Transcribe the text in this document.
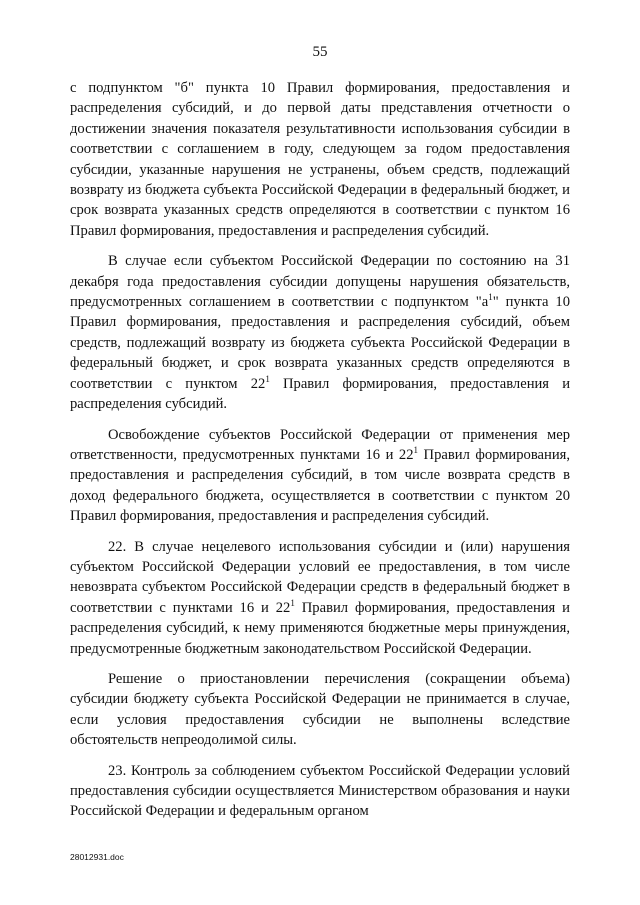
55

с подпунктом "б" пункта 10 Правил формирования, предоставления и распределения субсидий, и до первой даты представления отчетности о достижении значения показателя результативности использования субсидии в соответствии с соглашением в году, следующем за годом предоставления субсидии, указанные нарушения не устранены, объем средств, подлежащий возврату из бюджета субъекта Российской Федерации в федеральный бюджет, и срок возврата указанных средств определяются в соответствии с пунктом 16 Правил формирования, предоставления и распределения субсидий.

В случае если субъектом Российской Федерации по состоянию на 31 декабря года предоставления субсидии допущены нарушения обязательств, предусмотренных соглашением в соответствии с подпунктом "$а^1$" пункта 10 Правил формирования, предоставления и распределения субсидий, объем средств, подлежащий возврату из бюджета субъекта Российской Федерации в федеральный бюджет, и срок возврата указанных средств определяются в соответствии с пунктом $22^1$ Правил формирования, предоставления и распределения субсидий.

Освобождение субъектов Российской Федерации от применения мер ответственности, предусмотренных пунктами 16 и $22^1$ Правил формирования, предоставления и распределения субсидий, в том числе возврата средств в доход федерального бюджета, осуществляется в соответствии с пунктом 20 Правил формирования, предоставления и распределения субсидий.

22. В случае нецелевого использования субсидии и (или) нарушения субъектом Российской Федерации условий ее предоставления, в том числе невозврата субъектом Российской Федерации средств в федеральный бюджет в соответствии с пунктами 16 и $22^1$ Правил формирования, предоставления и распределения субсидий, к нему применяются бюджетные меры принуждения, предусмотренные бюджетным законодательством Российской Федерации.

Решение о приостановлении перечисления (сокращении объема) субсидии бюджету субъекта Российской Федерации не принимается в случае, если условия предоставления субсидии не выполнены вследствие обстоятельств непреодолимой силы.

23. Контроль за соблюдением субъектом Российской Федерации условий предоставления субсидии осуществляется Министерством образования и науки Российской Федерации и федеральным органом

28012931.doc
